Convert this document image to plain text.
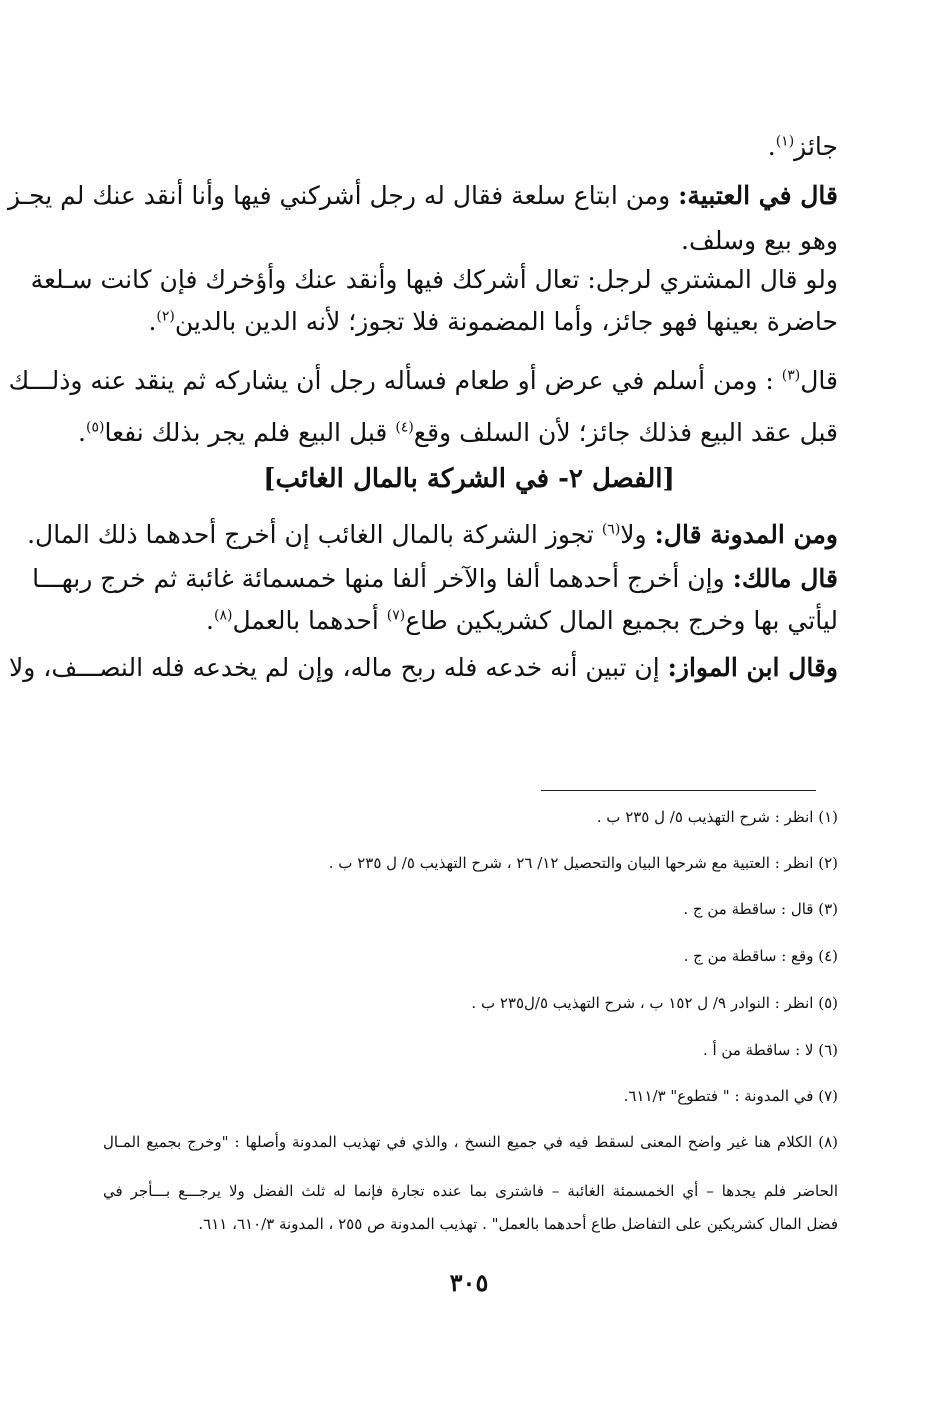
جائز$^{(١)}$.
قال في العتبية: ومن ابتاع سلعة فقال له رجل أشركني فيها وأنا أنقد عنك لم يجـز
وهو بيع وسلف.
ولو قال المشتري لرجل: تعال أشركك فيها وأنقد عنك وأؤخرك فإن كانت سـلعة
حاضرة بعينها فهو جائز، وأما المضمونة فلا تجوز؛ لأنه الدين بالدين$^{(٢)}$.
قال$^{(٣)}$ : ومن أسلم في عرض أو طعام فسأله رجل أن يشاركه ثم ينقد عنه وذلـــك
قبل عقد البيع فذلك جائز؛ لأن السلف وقع$^{(٤)}$ قبل البيع فلم يجر بذلك نفعا$^{(٥)}$.
[الفصل ٢- في الشركة بالمال الغائب]
ومن المدونة قال: ولا$^{(٦)}$ تجوز الشركة بالمال الغائب إن أخرج أحدهما ذلك المال.
قال مالك: وإن أخرج أحدهما ألفا والآخر ألفا منها خمسمائة غائبة ثم خرج ربهـــا
ليأتي بها وخرج بجميع المال كشريكين طاع$^{(٧)}$ أحدهما بالعمل$^{(٨)}$.
وقال ابن المواز: إن تبين أنه خدعه فله ربح ماله، وإن لم يخدعه فله النصـــف، ولا
(١) انظر : شرح التهذيب ٥/ ل ٢٣٥ ب .
(٢) انظر : العتبية مع شرحها البيان والتحصيل ١٢/ ٢٦ ، شرح التهذيب ٥/ ل ٢٣٥ ب .
(٣) قال : ساقطة من ج .
(٤) وقع : ساقطة من ج .
(٥) انظر : النوادر ٩/ ل ١٥٢ ب ، شرح التهذيب ٥/ل٢٣٥ ب .
(٦) لا : ساقطة من أ .
(٧) في المدونة : " فتطوع" ٦١١/٣.
(٨) الكلام هنا غير واضح المعنى لسقط فيه في جميع النسخ ، والذي في تهذيب المدونة وأصلها : "وخرج بجميع المـال
الحاضر فلم يجدها – أي الخمسمئة الغائبة – فاشترى بما عنده تجارة فإنما له ثلث الفضل ولا يرجـــع بـــأجر في
فضل المال كشريكين على التفاضل طاع أحدهما بالعمل" . تهذيب المدونة ص ٢٥٥ ، المدونة ٦١٠/٣، ٦١١.
٣٠٥
